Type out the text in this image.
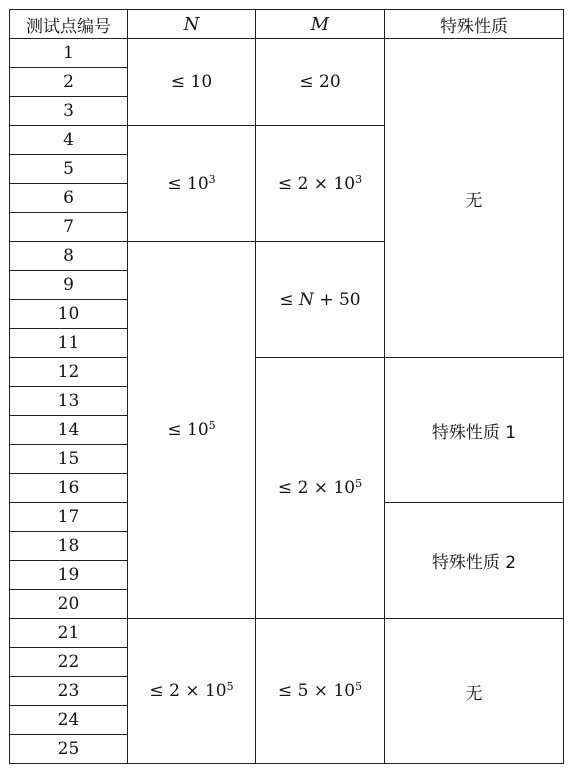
测试点编号	N	M	特殊性质
1	≤ 10	≤ 20	无
2			
3			
4	≤ $10^3$	≤ $2 \times 10^3$
5			
6			
7			
8	≤ $10^5$	≤ N + 50	
9			
10			
11			
12		≤ $2 \times 10^5$	特殊性质 1
13			
14			
15			
16			
17			特殊性质 2
18			
19			
20			
21	≤ $2 \times 10^5$	≤ $5 \times 10^5$	无
22			
23			
24			
25			
